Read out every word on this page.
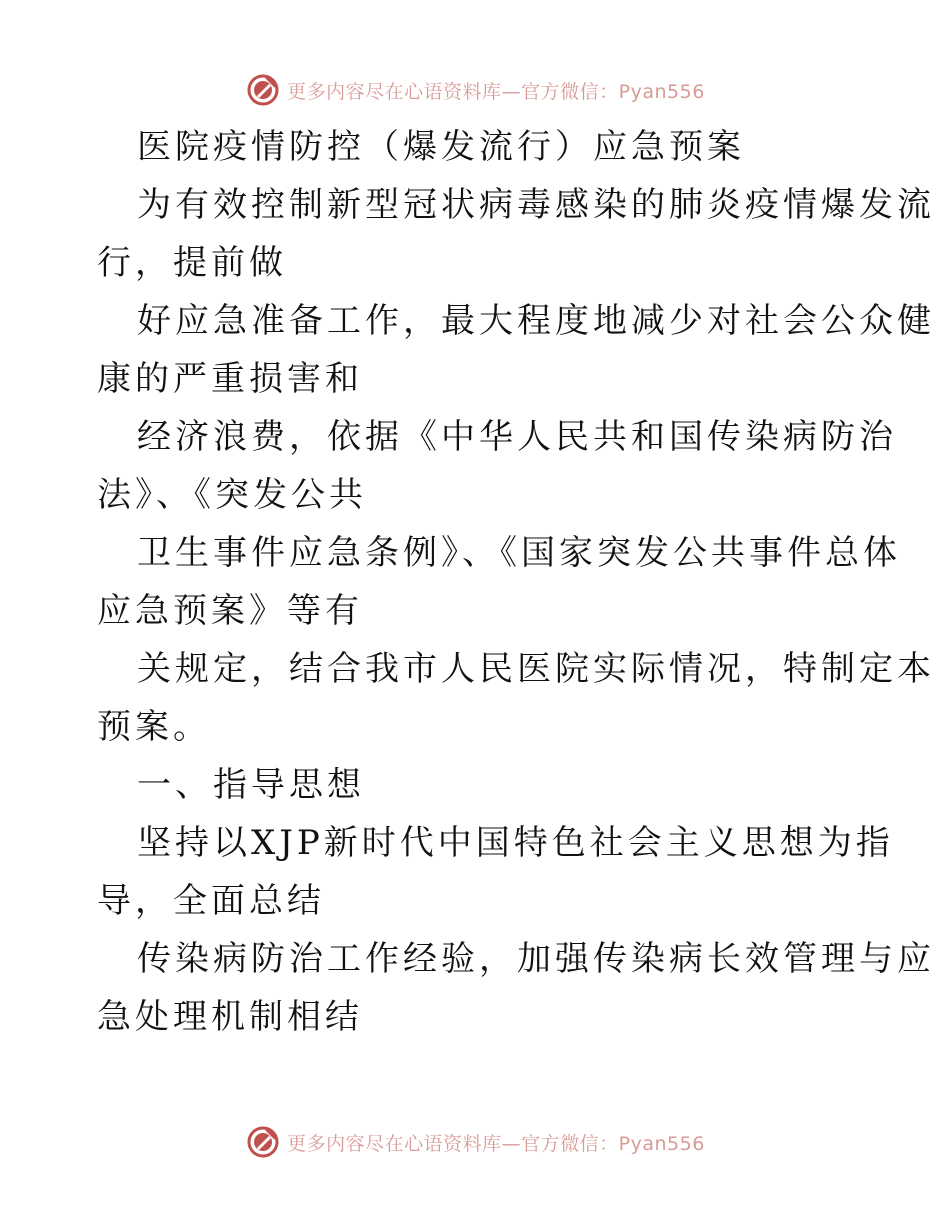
更多内容尽在心语资料库—官方微信：Pyan556
医院疫情防控（爆发流行）应急预案
为有效控制新型冠状病毒感染的肺炎疫情爆发流
行，提前做
好应急准备工作，最大程度地减少对社会公众健
康的严重损害和
经济浪费，依据《中华人民共和国传染病防治
法》、《突发公共
卫生事件应急条例》、《国家突发公共事件总体
应急预案》等有
关规定，结合我市人民医院实际情况，特制定本
预案。
一、指导思想
坚持以XJP新时代中国特色社会主义思想为指
导，全面总结
传染病防治工作经验，加强传染病长效管理与应
急处理机制相结
更多内容尽在心语资料库—官方微信：Pyan556
